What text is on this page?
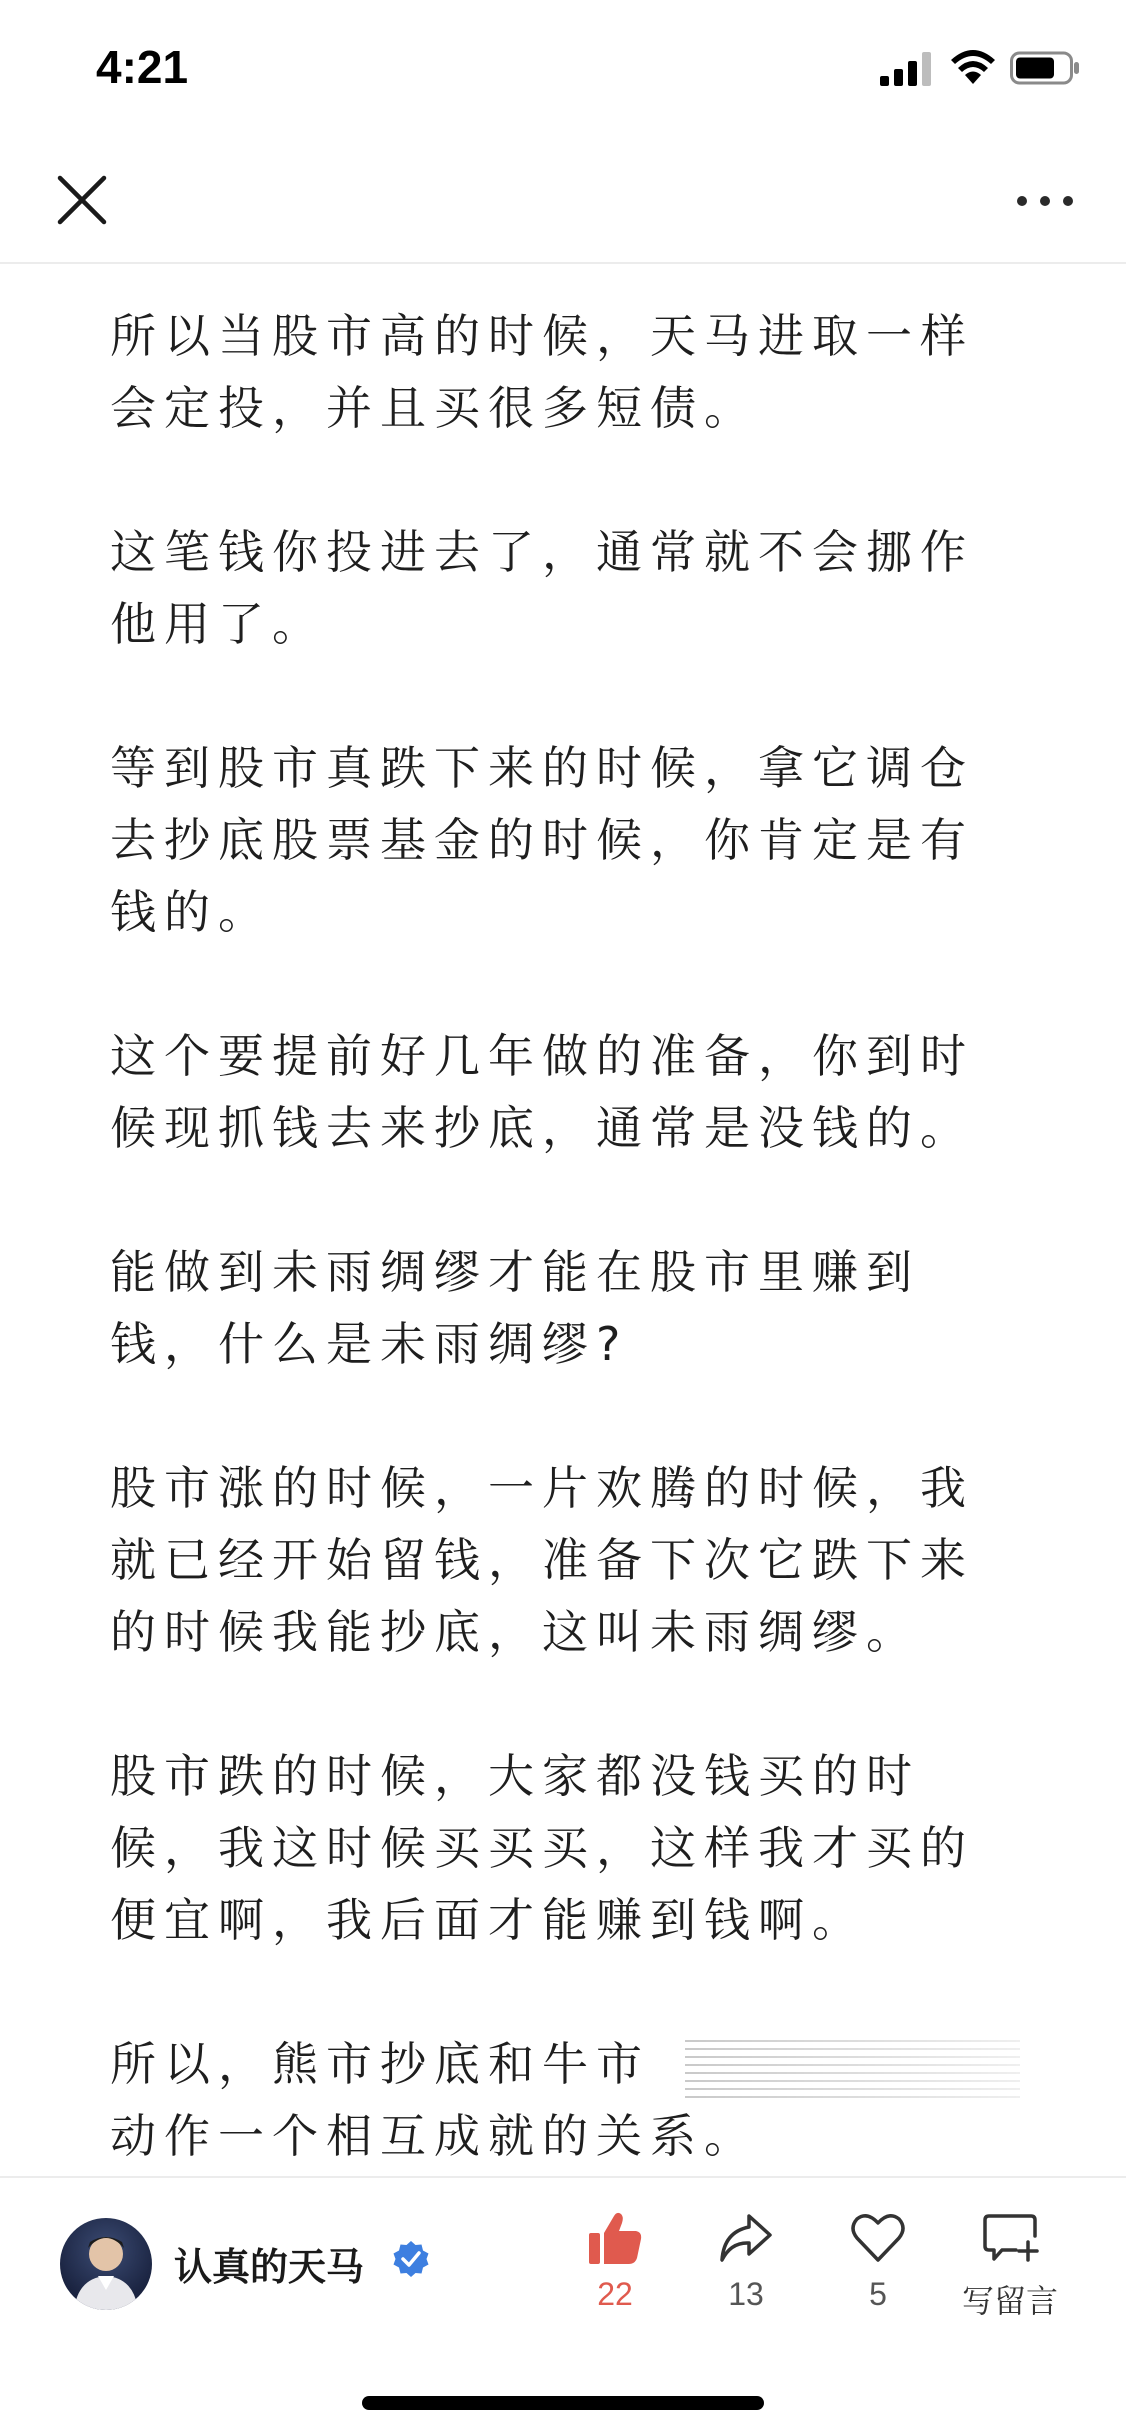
4:21

所以当股市高的时候，天马进取一样会定投，并且买很多短债。

这笔钱你投进去了，通常就不会挪作他用了。

等到股市真跌下来的时候，拿它调仓去抄底股票基金的时候，你肯定是有钱的。

这个要提前好几年做的准备，你到时候现抓钱去来抄底，通常是没钱的。

能做到未雨绸缪才能在股市里赚到钱，什么是未雨绸缪?

股市涨的时候，一片欢腾的时候，我就已经开始留钱，准备下次它跌下来的时候我能抄底，这叫未雨绸缪。

股市跌的时候，大家都没钱买的时候，我这时候买买买，这样我才买的便宜啊，我后面才能赚到钱啊。

所以，熊市抄底和牛市
动作一个相互成就的关系。

认真的天马
22	13	5	写留言
